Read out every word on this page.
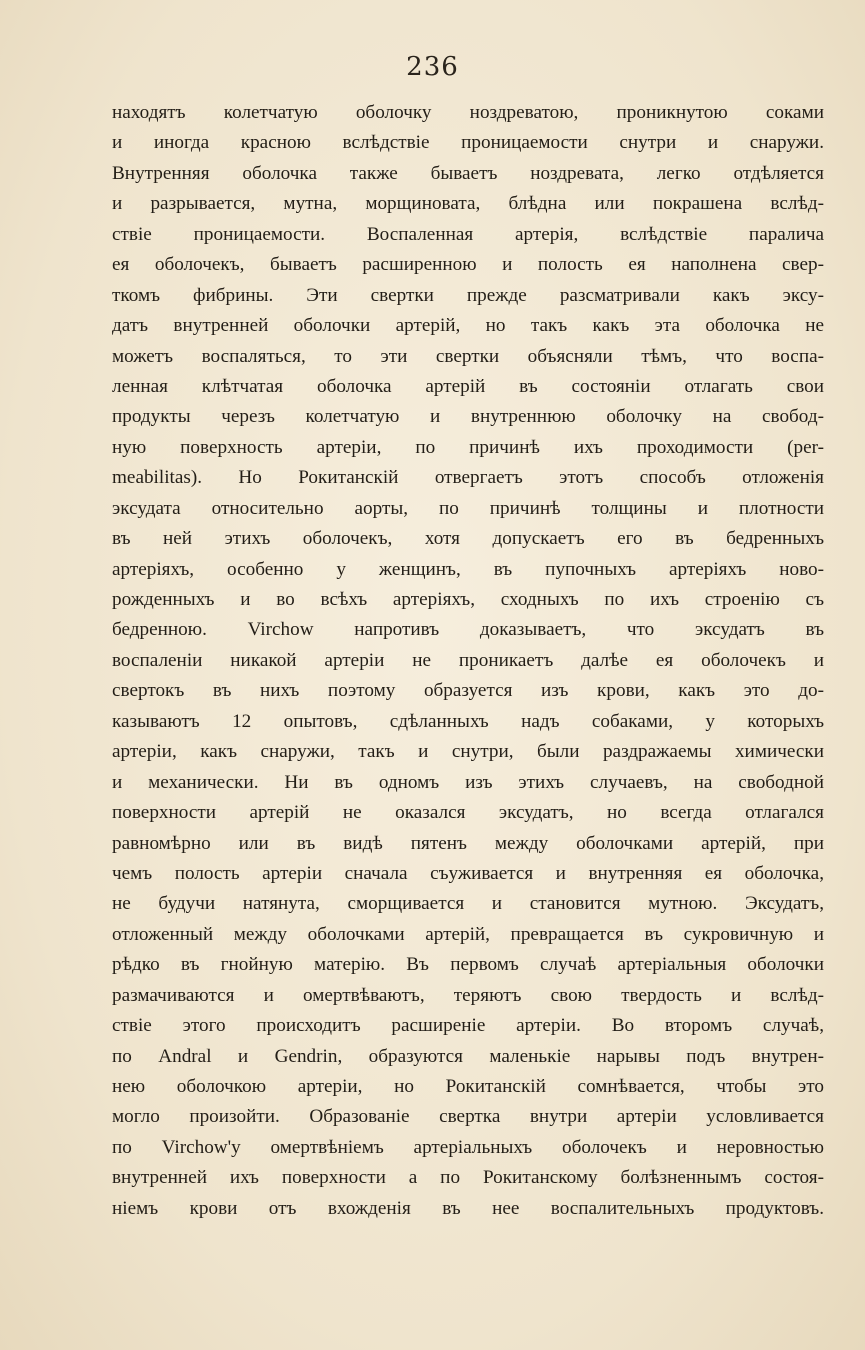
236
находятъ колетчатую оболочку ноздреватою, проникнутою соками
и иногда красною вслѣдствіе проницаемости снутри и снаружи.
Внутренняя оболочка также бываетъ ноздревата, легко отдѣляется
и разрывается, мутна, морщиновата, блѣдна или покрашена вслѣд-
ствіе проницаемости. Воспаленная артерія, вслѣдствіе паралича
ея оболочекъ, бываетъ расширенною и полость ея наполнена свер-
ткомъ фибрины. Эти свертки прежде разсматривали какъ эксу-
датъ внутренней оболочки артерій, но такъ какъ эта оболочка не
можетъ воспаляться, то эти свертки объясняли тѣмъ, что воспа-
ленная клѣтчатая оболочка артерій въ состояніи отлагать свои
продукты черезъ колетчатую и внутреннюю оболочку на свобод-
ную поверхность артеріи, по причинѣ ихъ проходимости (per-
meabilitas). Но Рокитанскій отвергаетъ этотъ способъ отложенія
эксудата относительно аорты, по причинѣ толщины и плотности
въ ней этихъ оболочекъ, хотя допускаетъ его въ бедренныхъ
артеріяхъ, особенно у женщинъ, въ пупочныхъ артеріяхъ ново-
рожденныхъ и во всѣхъ артеріяхъ, сходныхъ по ихъ строенію съ
бедренною. Virchow напротивъ доказываетъ, что эксудатъ въ
воспаленіи никакой артеріи не проникаетъ далѣе ея оболочекъ и
свертокъ въ нихъ поэтому образуется изъ крови, какъ это до-
казываютъ 12 опытовъ, сдѣланныхъ надъ собаками, у которыхъ
артеріи, какъ снаружи, такъ и снутри, были раздражаемы химически
и механически. Ни въ одномъ изъ этихъ случаевъ, на свободной
поверхности артерій не оказался эксудатъ, но всегда отлагался
равномѣрно или въ видѣ пятенъ между оболочками артерій, при
чемъ полость артеріи сначала съуживается и внутренняя ея оболочка,
не будучи натянута, сморщивается и становится мутною. Эксудатъ,
отложенный между оболочками артерій, превращается въ сукровичную и
рѣдко въ гнойную матерію. Въ первомъ случаѣ артеріальныя оболочки
размачиваются и омертвѣваютъ, теряютъ свою твердость и вслѣд-
ствіе этого происходитъ расширеніе артеріи. Во второмъ случаѣ,
по Andral и Gendrin, образуются маленькіе нарывы подъ внутрен-
нею оболочкою артеріи, но Рокитанскій сомнѣвается, чтобы это
могло произойти. Образованіе свертка внутри артеріи условливается
по Virchow'у омертвѣніемъ артеріальныхъ оболочекъ и неровностью
внутренней ихъ поверхности а по Рокитанскому болѣзненнымъ состоя-
ніемъ крови отъ вхожденія въ нее воспалительныхъ продуктовъ.
